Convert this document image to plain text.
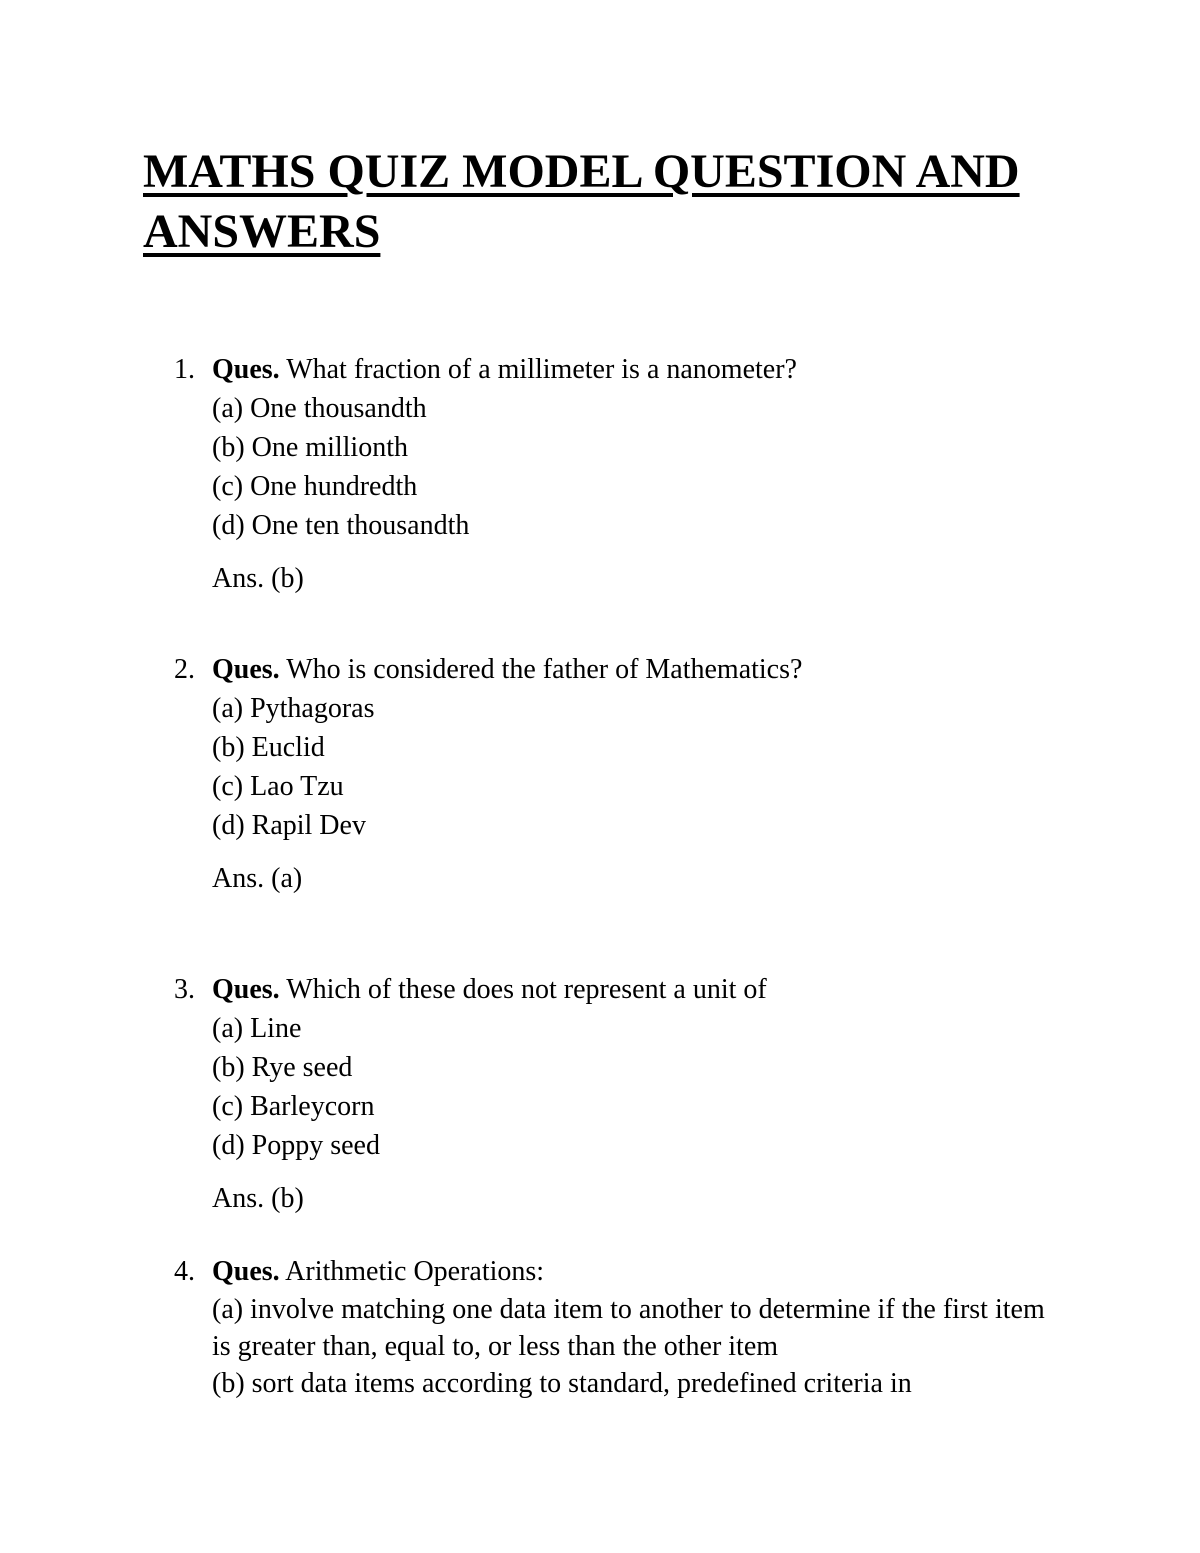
MATHS QUIZ MODEL QUESTION AND ANSWERS
1. Ques. What fraction of a millimeter is a nanometer?
(a) One thousandth
(b) One millionth
(c) One hundredth
(d) One ten thousandth
Ans. (b)
2. Ques. Who is considered the father of Mathematics?
(a) Pythagoras
(b) Euclid
(c) Lao Tzu
(d) Rapil Dev
Ans. (a)
3. Ques. Which of these does not represent a unit of
(a) Line
(b) Rye seed
(c) Barleycorn
(d) Poppy seed
Ans. (b)
4. Ques. Arithmetic Operations:
(a) involve matching one data item to another to determine if the first item is greater than, equal to, or less than the other item
(b) sort data items according to standard, predefined criteria in
